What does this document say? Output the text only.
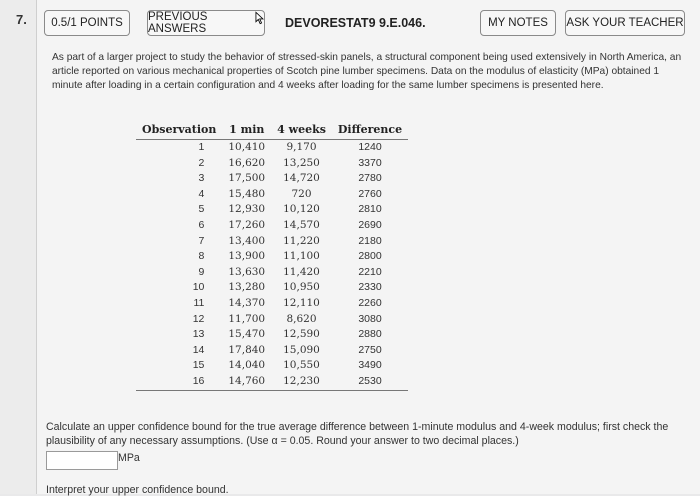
7.	0.5/1 POINTS	PREVIOUS ANSWERS	DEVORESTAT9 9.E.046.	MY NOTES	ASK YOUR TEACHER
As part of a larger project to study the behavior of stressed-skin panels, a structural component being used extensively in North America, an article reported on various mechanical properties of Scotch pine lumber specimens. Data on the modulus of elasticity (MPa) obtained 1 minute after loading in a certain configuration and 4 weeks after loading for the same lumber specimens is presented here.
Observation	1 min	4 weeks	Difference
1	10,410	9,170	1240
2	16,620	13,250	3370
3	17,500	14,720	2780
4	15,480	720	2760
5	12,930	10,120	2810
6	17,260	14,570	2690
7	13,400	11,220	2180
8	13,900	11,100	2800
9	13,630	11,420	2210
10	13,280	10,950	2330
11	14,370	12,110	2260
12	11,700	8,620	3080
13	15,470	12,590	2880
14	17,840	15,090	2750
15	14,040	10,550	3490
16	14,760	12,230	2530
Calculate an upper confidence bound for the true average difference between 1-minute modulus and 4-week modulus; first check the plausibility of any necessary assumptions. (Use α = 0.05. Round your answer to two decimal places.)
MPa
Interpret your upper confidence bound.
